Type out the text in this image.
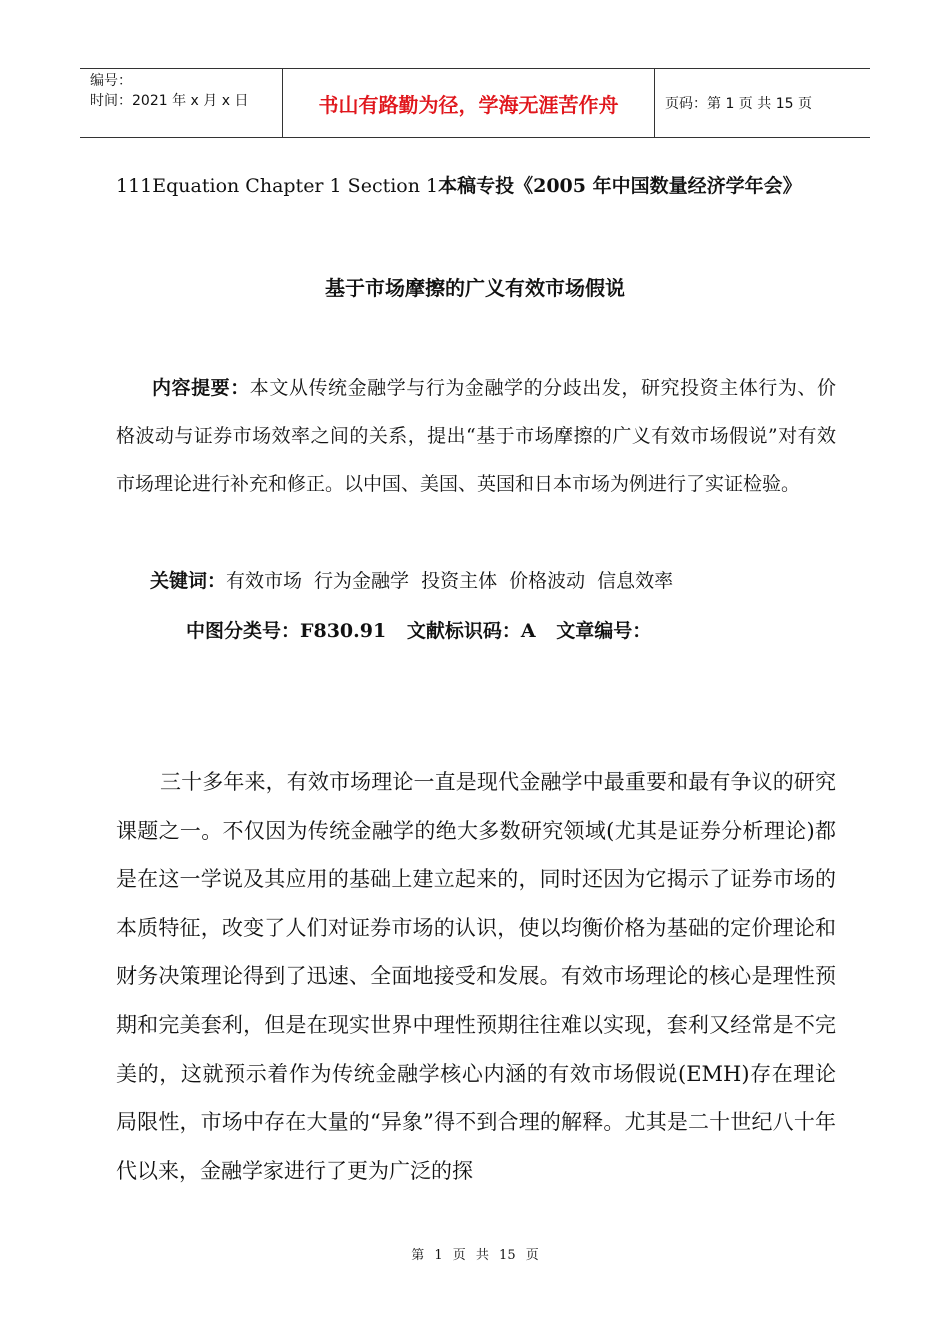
编号：
时间：2021 年 x 月 x 日	书山有路勤为径，学海无涯苦作舟	页码：第 1 页 共 15 页
111Equation Chapter 1 Section 1本稿专投《2005 年中国数量经济学年会》
基于市场摩擦的广义有效市场假说
内容提要：本文从传统金融学与行为金融学的分歧出发，研究投资主体行为、价格波动与证券市场效率之间的关系，提出“基于市场摩擦的广义有效市场假说”对有效市场理论进行补充和修正。以中国、美国、英国和日本市场为例进行了实证检验。
关键词：有效市场 行为金融学 投资主体 价格波动 信息效率
中图分类号：F830.91 文献标识码：A 文章编号：
三十多年来，有效市场理论一直是现代金融学中最重要和最有争议的研究课题之一。不仅因为传统金融学的绝大多数研究领域(尤其是证券分析理论)都是在这一学说及其应用的基础上建立起来的，同时还因为它揭示了证券市场的本质特征，改变了人们对证券市场的认识，使以均衡价格为基础的定价理论和财务决策理论得到了迅速、全面地接受和发展。有效市场理论的核心是理性预期和完美套利，但是在现实世界中理性预期往往难以实现，套利又经常是不完美的，这就预示着作为传统金融学核心内涵的有效市场假说(EMH)存在理论局限性，市场中存在大量的“异象”得不到合理的解释。尤其是二十世纪八十年代以来，金融学家进行了更为广泛的探
第 1 页 共 15 页
